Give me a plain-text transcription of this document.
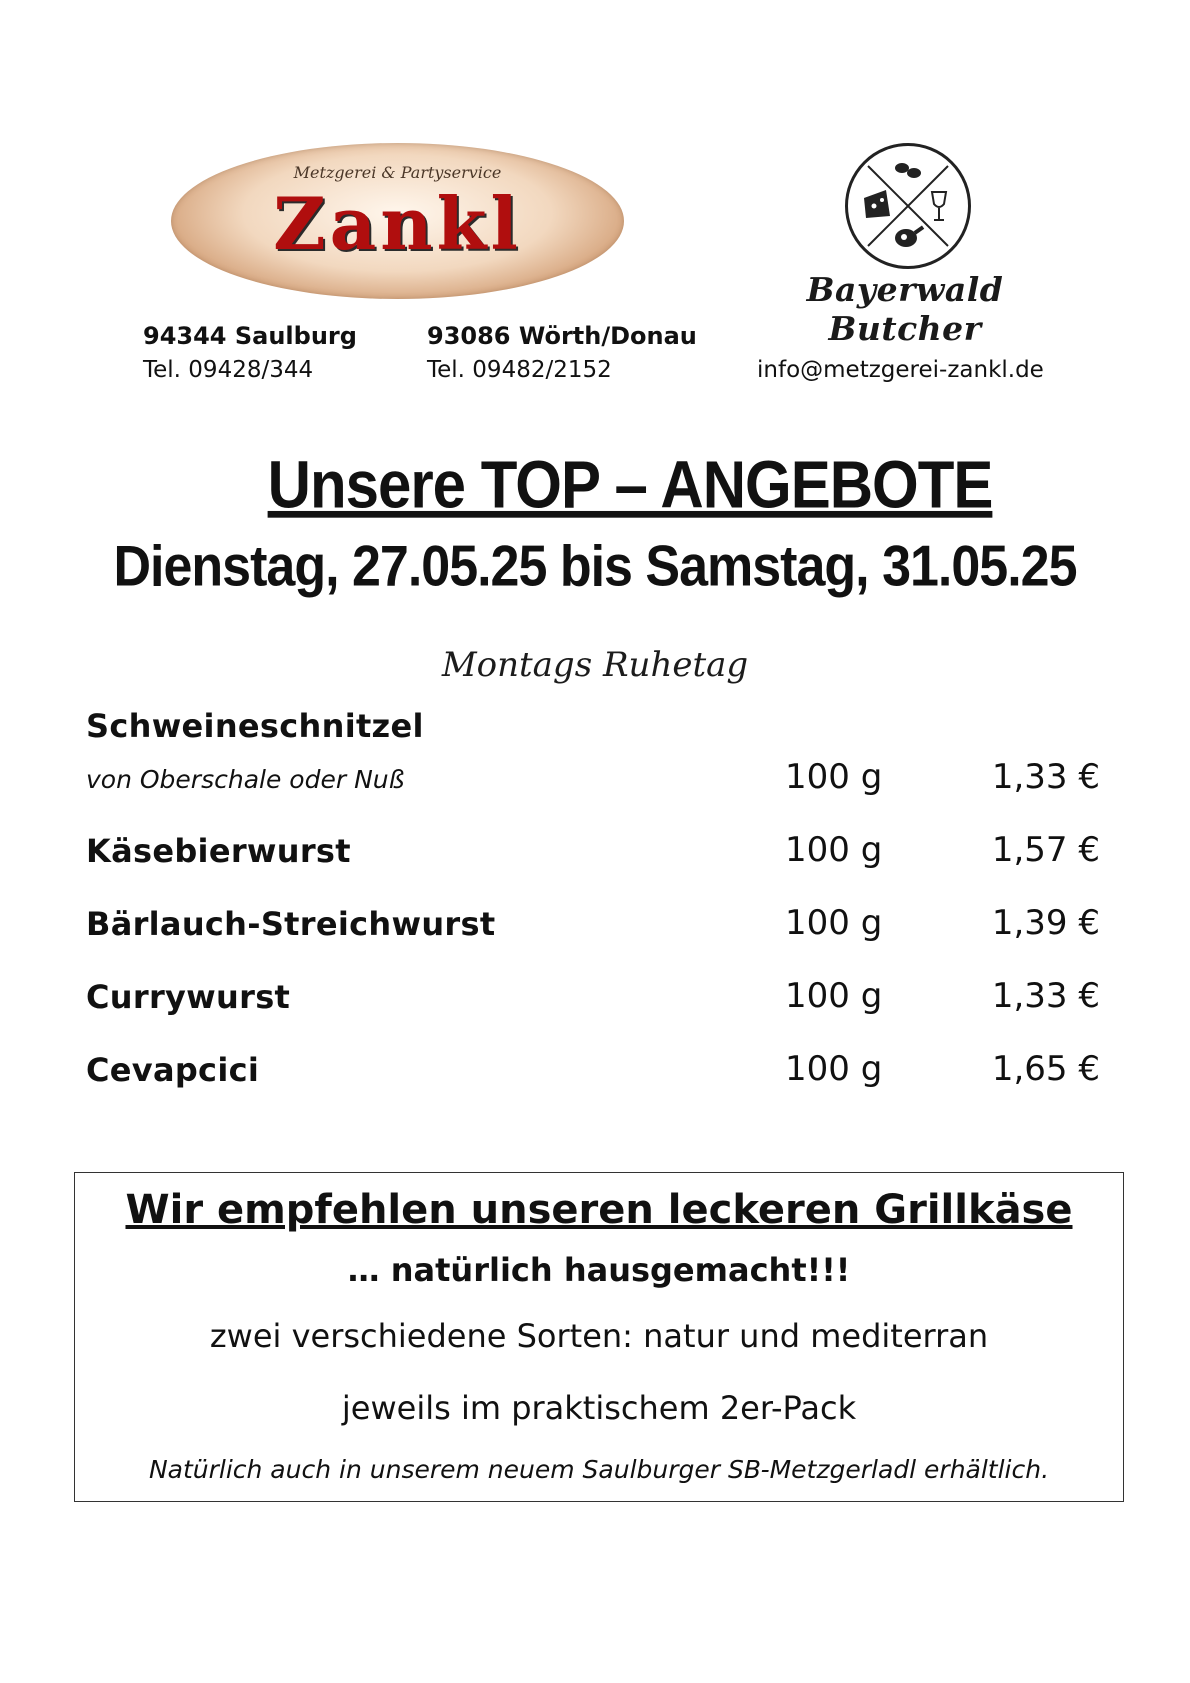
Metzgerei & Partyservice
Zankl
Bayerwald Butcher
94344 Saulburg
Tel. 09428/344
93086 Wörth/Donau
Tel. 09482/2152	info@metzgerei-zankl.de
Unsere TOP – ANGEBOTE
Dienstag, 27.05.25 bis Samstag, 31.05.25
Montags Ruhetag
Schweineschnitzel
von Oberschale oder Nuß	100 g	1,33 €
Käsebierwurst	100 g	1,57 €
Bärlauch-Streichwurst	100 g	1,39 €
Currywurst	100 g	1,33 €
Cevapcici	100 g	1,65 €
Wir empfehlen unseren leckeren Grillkäse
… natürlich hausgemacht!!!
zwei verschiedene Sorten: natur und mediterran
jeweils im praktischem 2er-Pack
Natürlich auch in unserem neuem Saulburger SB-Metzgerladl erhältlich.
